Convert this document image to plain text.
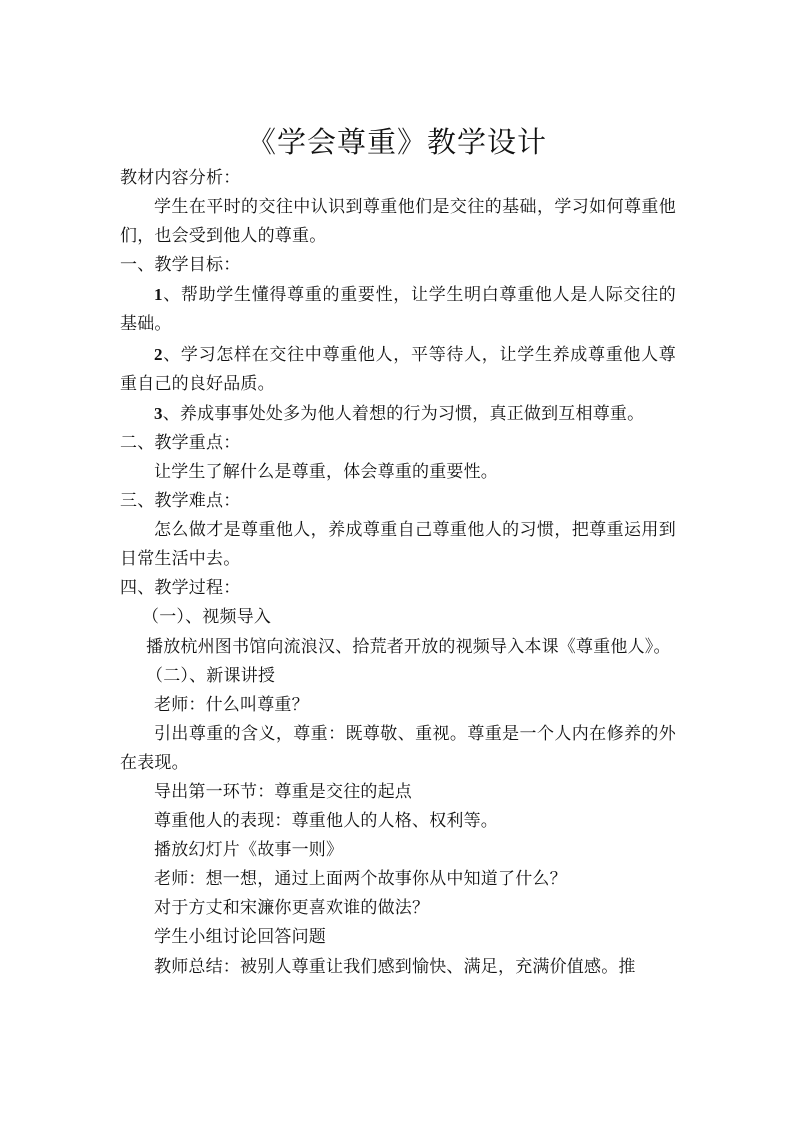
《学会尊重》教学设计

教材内容分析：

学生在平时的交往中认识到尊重他们是交往的基础，学习如何尊重他们，也会受到他人的尊重。

一、教学目标：

1、帮助学生懂得尊重的重要性，让学生明白尊重他人是人际交往的基础。

2、学习怎样在交往中尊重他人，平等待人，让学生养成尊重他人尊重自己的良好品质。

3、养成事事处处多为他人着想的行为习惯，真正做到互相尊重。

二、教学重点：

让学生了解什么是尊重，体会尊重的重要性。

三、教学难点：

怎么做才是尊重他人，养成尊重自己尊重他人的习惯，把尊重运用到日常生活中去。

四、教学过程：

（一）、视频导入

播放杭州图书馆向流浪汉、拾荒者开放的视频导入本课《尊重他人》。

（二）、新课讲授

老师：什么叫尊重？

引出尊重的含义，尊重：既尊敬、重视。尊重是一个人内在修养的外在表现。

导出第一环节：尊重是交往的起点

尊重他人的表现：尊重他人的人格、权利等。

播放幻灯片《故事一则》

老师：想一想，通过上面两个故事你从中知道了什么？

对于方丈和宋濂你更喜欢谁的做法？

学生小组讨论回答问题

教师总结：被别人尊重让我们感到愉快、满足，充满价值感。推
